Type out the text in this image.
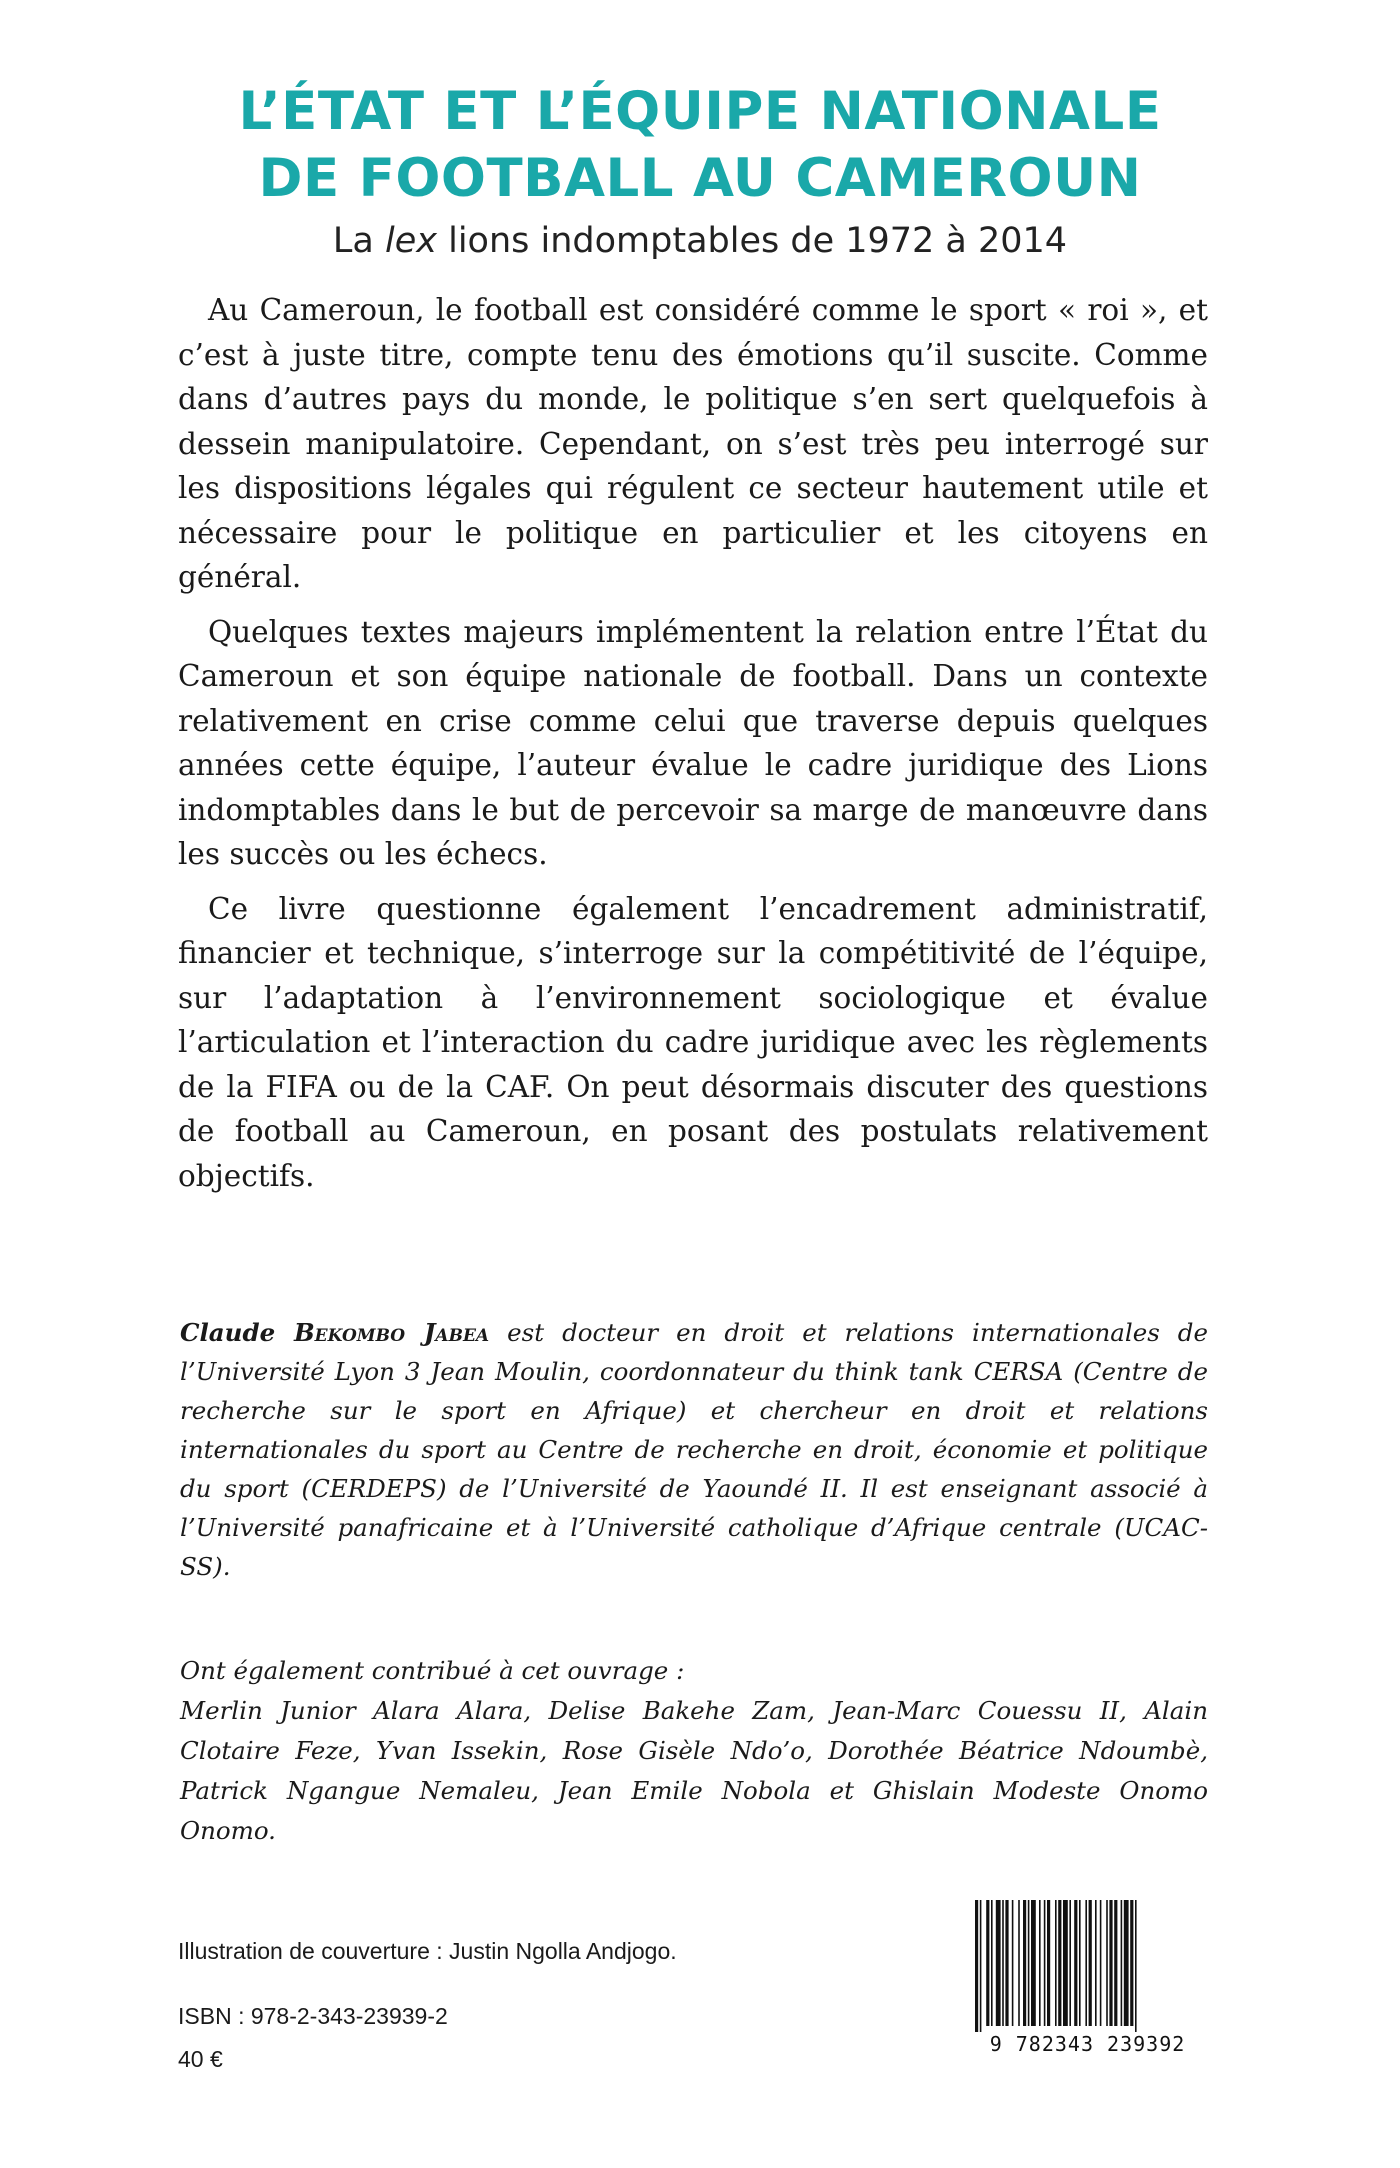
L’ÉTAT ET L’ÉQUIPE NATIONALE
DE FOOTBALL AU CAMEROUN

La lex lions indomptables de 1972 à 2014

Au Cameroun, le football est considéré comme le sport « roi », et c’est à juste titre, compte tenu des émotions qu’il suscite. Comme dans d’autres pays du monde, le politique s’en sert quelquefois à dessein manipulatoire. Cependant, on s’est très peu interrogé sur les dispositions légales qui régulent ce secteur hautement utile et nécessaire pour le politique en particulier et les citoyens en général.

Quelques textes majeurs implémentent la relation entre l’État du Cameroun et son équipe nationale de football. Dans un contexte relativement en crise comme celui que traverse depuis quelques années cette équipe, l’auteur évalue le cadre juridique des Lions indomptables dans le but de percevoir sa marge de manœuvre dans les succès ou les échecs.

Ce livre questionne également l’encadrement administratif, financier et technique, s’interroge sur la compétitivité de l’équipe, sur l’adaptation à l’environnement sociologique et évalue l’articulation et l’interaction du cadre juridique avec les règlements de la FIFA ou de la CAF. On peut désormais discuter des questions de football au Cameroun, en posant des postulats relativement objectifs.

Claude Bekombo Jabea est docteur en droit et relations internationales de l’Université Lyon 3 Jean Moulin, coordonnateur du think tank CERSA (Centre de recherche sur le sport en Afrique) et chercheur en droit et relations internationales du sport au Centre de recherche en droit, économie et politique du sport (CERDEPS) de l’Université de Yaoundé II. Il est enseignant associé à l’Université panafricaine et à l’Université catholique d’Afrique centrale (UCAC-SS).

Ont également contribué à cet ouvrage :
Merlin Junior Alara Alara, Delise Bakehe Zam, Jean-Marc Couessu II, Alain Clotaire Feze, Yvan Issekin, Rose Gisèle Ndo’o, Dorothée Béatrice Ndoumbè, Patrick Ngangue Nemaleu, Jean Emile Nobola et Ghislain Modeste Onomo Onomo.

Illustration de couverture : Justin Ngolla Andjogo.

ISBN : 978-2-343-23939-2

40 €

9 782343 239392
